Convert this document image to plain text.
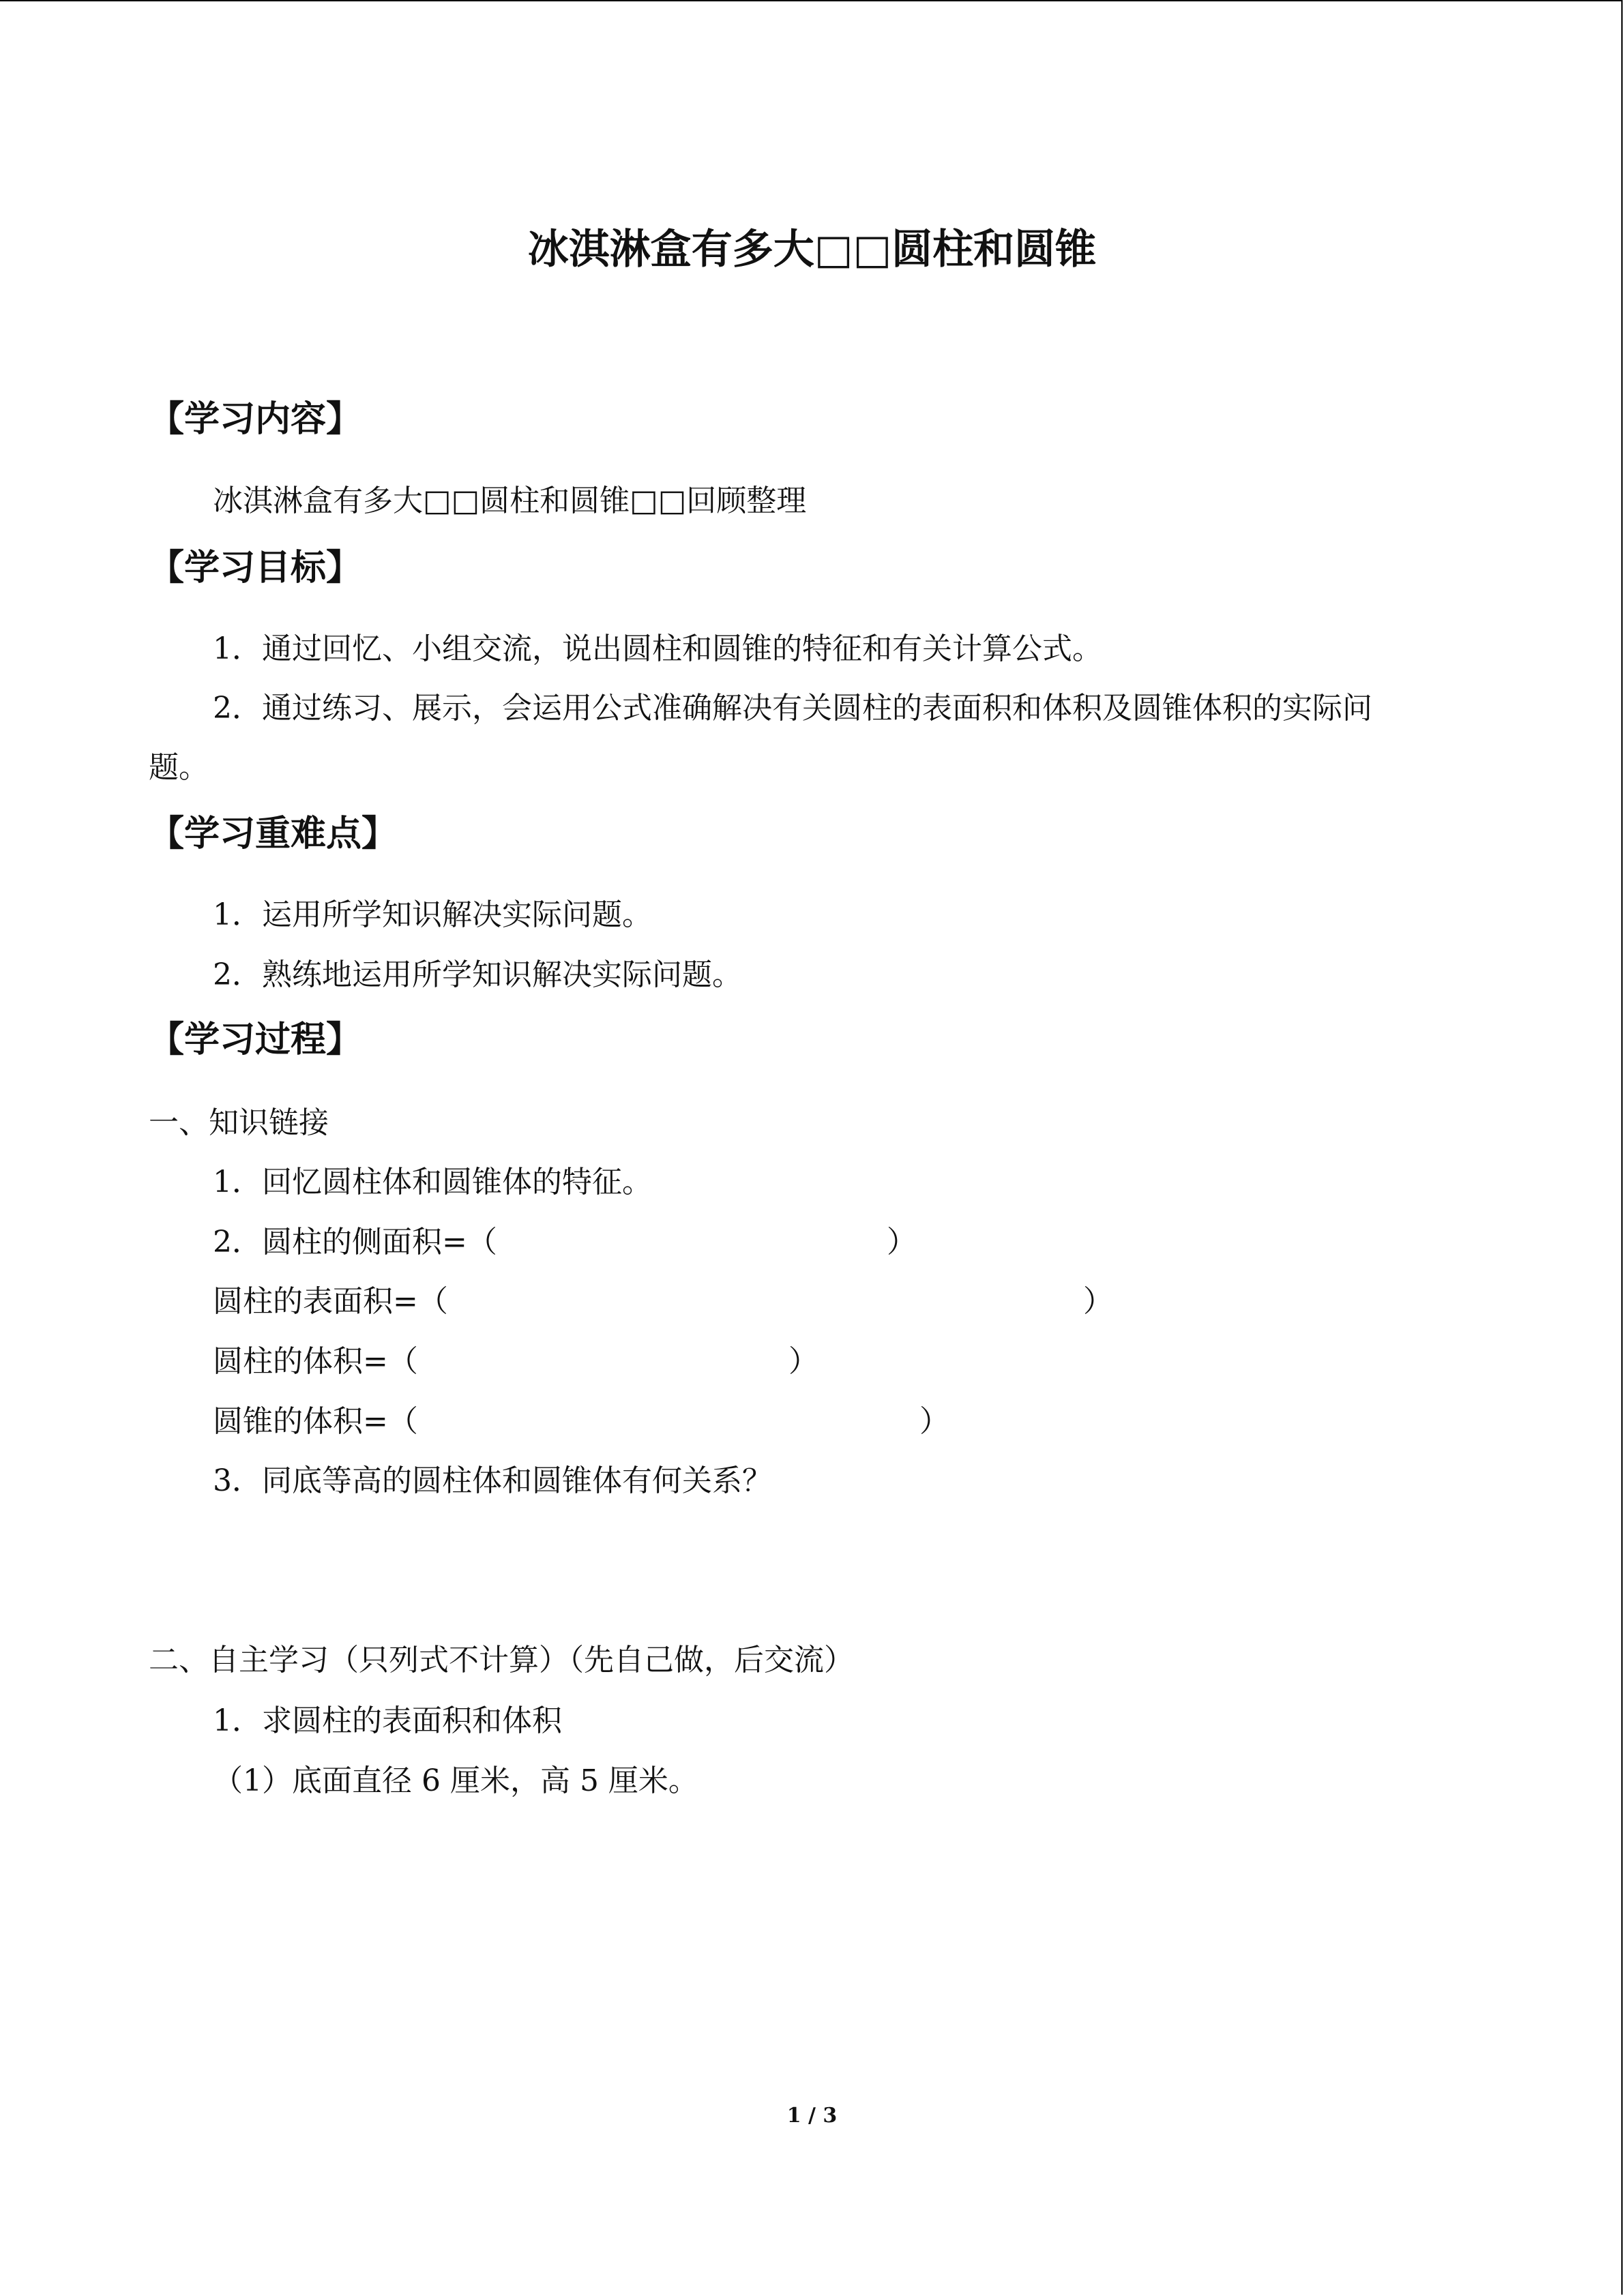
冰淇淋盒有多大□□圆柱和圆锥
【学习内容】
冰淇淋盒有多大□□圆柱和圆锥□□回顾整理
【学习目标】
1．通过回忆、小组交流，说出圆柱和圆锥的特征和有关计算公式。
2．通过练习、展示，会运用公式准确解决有关圆柱的表面积和体积及圆锥体积的实际问
题。
【学习重难点】
1．运用所学知识解决实际问题。
2．熟练地运用所学知识解决实际问题。
【学习过程】
一、知识链接
1．回忆圆柱体和圆锥体的特征。
2．圆柱的侧面积=（	）
圆柱的表面积=（	）
圆柱的体积=（	）
圆锥的体积=（	）
3．同底等高的圆柱体和圆锥体有何关系？
二、自主学习（只列式不计算）（先自己做，后交流）
1．求圆柱的表面积和体积
（1）底面直径 6 厘米，高 5 厘米。
1 / 3
